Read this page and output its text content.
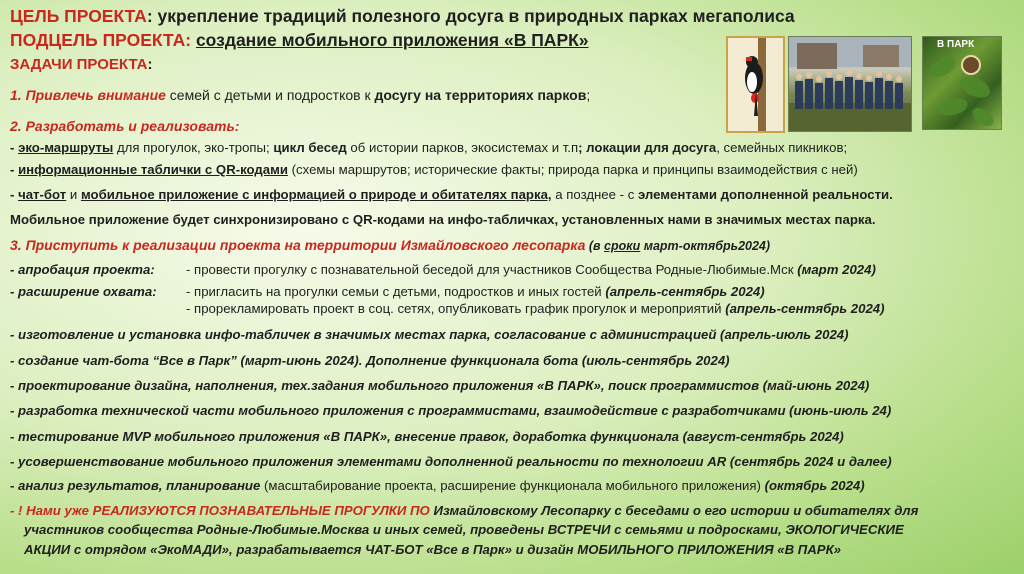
ЦЕЛЬ ПРОЕКТА: укрепление традиций полезного досуга в природных парках мегаполиса
ПОДЦЕЛЬ ПРОЕКТА: создание мобильного приложения «В ПАРК»
ЗАДАЧИ ПРОЕКТА:
1. Привлечь внимание семей с детьми и подростков к досугу на территориях парков;
2. Разработать и реализовать:
- эко-маршруты для прогулок, эко-тропы; цикл бесед об истории парков, экосистемах и т.п; локации для досуга, семейных пикников;
- информационные таблички с QR-кодами (схемы маршрутов; исторические факты; природа парка и принципы взаимодействия с ней)
- чат-бот и мобильное приложение с информацией о природе и обитателях парка, а позднее - с элементами дополненной реальности.
Мобильное приложение будет синхронизировано с QR-кодами на инфо-табличках, установленных нами в значимых местах парка.
3. Приступить к реализации проекта на территории Измайловского лесопарка (в сроки март-октябрь2024)
- апробация проекта: - провести прогулку с познавательной беседой для участников Сообщества Родные-Любимые.Мск (март 2024)
- расширение охвата: - пригласить на прогулки семьи с детьми, подростков и иных гостей (апрель-сентябрь 2024)
- прорекламировать проект в соц. сетях, опубликовать график прогулок и мероприятий (апрель-сентябрь 2024)
- изготовление и установка инфо-табличек в значимых местах парка, согласование с администрацией (апрель-июль 2024)
- создание чат-бота “Все в Парк” (март-июнь 2024). Дополнение функционала бота (июль-сентябрь 2024)
- проектирование дизайна, наполнения, тех.задания мобильного приложения «В ПАРК», поиск программистов (май-июнь 2024)
- разработка технической части мобильного приложения с программистами, взаимодействие с разработчиками (июнь-июль 24)
- тестирование MVP мобильного приложения «В ПАРК», внесение правок, доработка функционала (август-сентябрь 2024)
- усовершенствование мобильного приложения элементами дополненной реальности по технологии AR (сентябрь 2024 и далее)
- анализ результатов, планирование (масштабирование проекта, расширение функционала мобильного приложения) (октябрь 2024)
- ! Нами уже РЕАЛИЗУЮТСЯ ПОЗНАВАТЕЛЬНЫЕ ПРОГУЛКИ ПО Измайловскому Лесопарку с беседами о его истории и обитателях для
участников сообщества Родные-Любимые.Москва и иных семей, проведены ВСТРЕЧИ с семьями и подросками, ЭКОЛОГИЧЕСКИЕ
АКЦИИ с отрядом «ЭкоМАДИ», разрабатывается ЧАТ-БОТ «Все в Парк» и дизайн МОБИЛЬНОГО ПРИЛОЖЕНИЯ «В ПАРК»
В ПАРК
